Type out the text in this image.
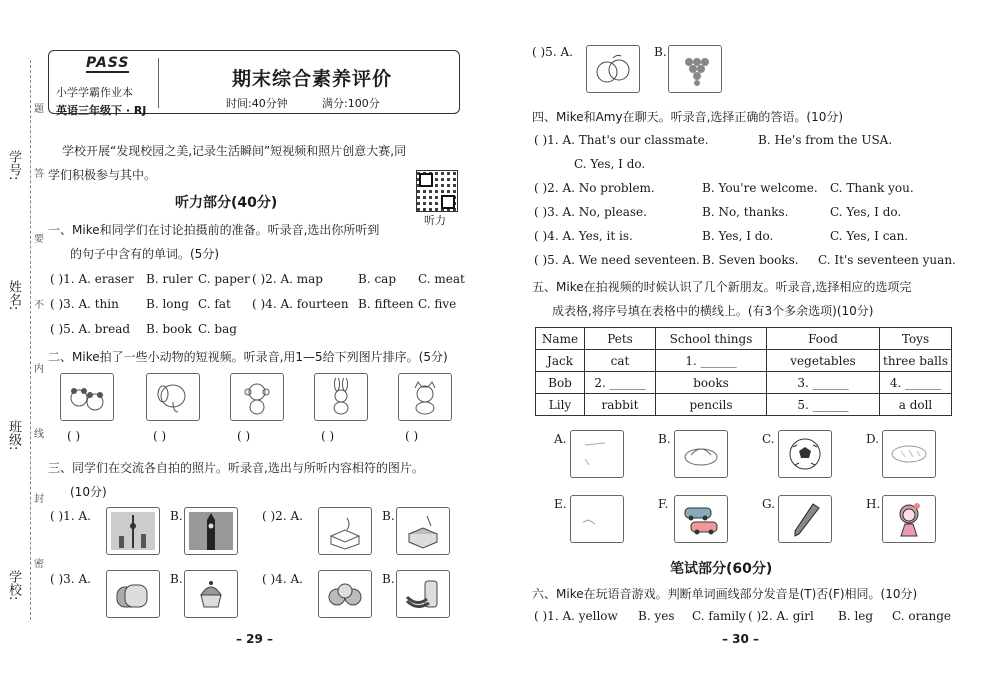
学号:
姓名:
班级:
学校:
题
答
要
不
内
线
封
密
PASS
小学学霸作业本
英语三年级下 · RJ
期末综合素养评价
时间:40分钟	满分:100分
学校开展“发现校园之美,记录生活瞬间”短视频和照片创意大赛,同
学们积极参与其中。
听力
听力部分(40分)
一、Mike和同学们在讨论拍摄前的准备。听录音,选出你所听到
的句子中含有的单词。(5分)
( )1. A. eraser B. ruler C. paper ( )2. A. map	B. cap C. meat
( )3. A. thin B. long C. fat ( )4. A. fourteen B. fifteen C. five
( )5. A. bread B. book C. bag
二、Mike拍了一些小动物的短视频。听录音,用1—5给下列图片排序。(5分)
( )	( )	( )	( )	( )
三、同学们在交流各自拍的照片。听录音,选出与所听内容相符的图片。
(10分)
( )1. A.	B.	( )2. A.	B.
( )3. A.	B.	( )4. A.	B.
– 29 –
( )5. A.	B.
四、Mike和Amy在聊天。听录音,选择正确的答语。(10分)
( )1. A. That's our classmate.	B. He's from the USA.
C. Yes, I do.
( )2. A. No problem.	B. You're welcome. C. Thank you.
( )3. A. No, please.	B. No, thanks.	C. Yes, I do.
( )4. A. Yes, it is.	B. Yes, I do.	C. Yes, I can.
( )5. A. We need seventeen. B. Seven books. C. It's seventeen yuan.
五、Mike在拍视频的时候认识了几个新朋友。听录音,选择相应的选项完
成表格,将序号填在表格中的横线上。(有3个多余选项)(10分)
Name	Pets	School things	Food	Toys
Jack	cat	1. ______	vegetables	three balls
Bob	2. ______	books	3. ______	4. ______
Lily	rabbit	pencils	5. ______	a doll
A.	B.	C.	D.
E.	F.	G.	H.
笔试部分(60分)
六、Mike在玩语音游戏。判断单词画线部分发音是(T)否(F)相同。(10分)
( )1. A. yellow B. yes C. family ( )2. A. girl B. leg C. orange
– 30 –
